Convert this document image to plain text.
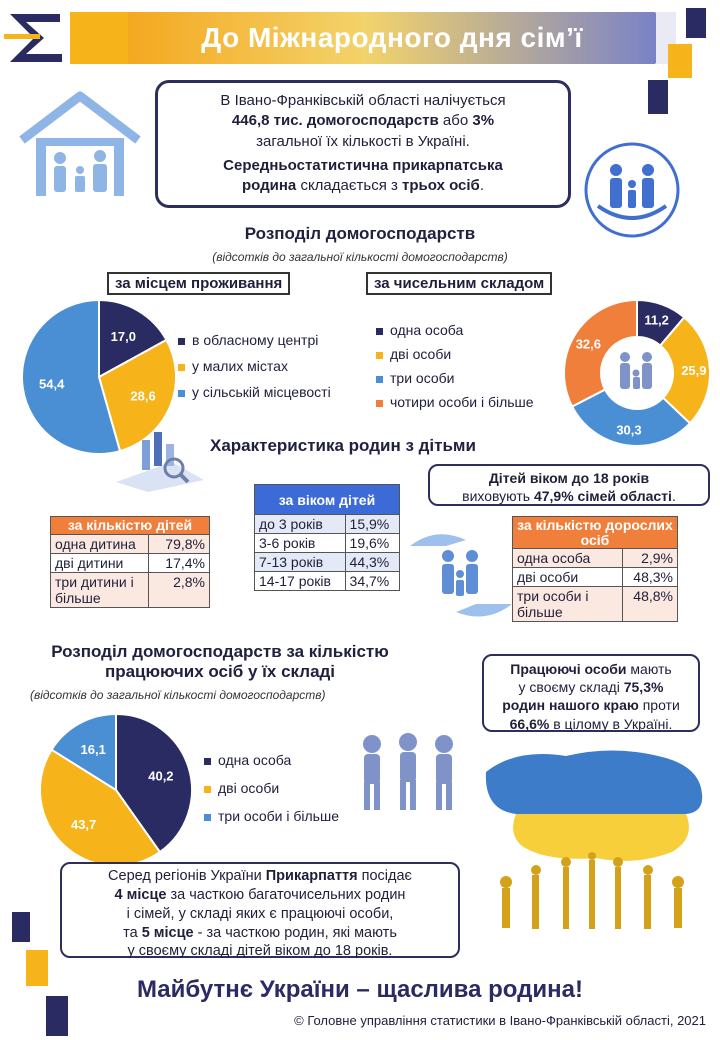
До Міжнародного дня сім’ї
В Івано-Франківській області налічується
446,8 тис. домогосподарств або 3%
загальної їх кількості в Україні.
Середньостатистична прикарпатська
родина складається з трьох осіб.
Розподіл домогосподарств
(відсотків до загальної кількості домогосподарств)
за місцем проживання	за чисельним складом
17,0
28,6
54,4
в обласному центрі
у малих містах
у сільській місцевості
одна особа
дві особи
три особи
чотири особи і більше
11,2
25,9
30,3
32,6
Характеристика родин з дітьми
Дітей віком до 18 років
виховують 47,9% сімей області.
за кількістю дітей	
одна дитина	79,8%
дві дитини	17,4%
три дитини і більше	2,8%
за віком дітей	
до 3 років	15,9%
3-6 років	19,6%
7-13 років	44,3%
14-17 років	34,7%
за кількістю дорослих осіб	
одна особа	2,9%
дві особи	48,3%
три особи і більше	48,8%
Розподіл домогосподарств за кількістю
працюючих осіб у їх складі
(відсотків до загальної кількості домогосподарств)
Працюючі особи мають
у своєму складі 75,3%
родин нашого краю проти
66,6% в цілому в Україні.
40,2
43,7
16,1
одна особа
дві особи
три особи і більше
Серед регіонів України Прикарпаття посідає
4 місце за часткою багаточисельних родин
і сімей, у складі яких є працюючі особи,
та 5 місце - за часткою родин, які мають
у своєму складі дітей віком до 18 років.
Майбутнє України – щаслива родина!
© Головне управління статистики в Івано-Франківській області, 2021
